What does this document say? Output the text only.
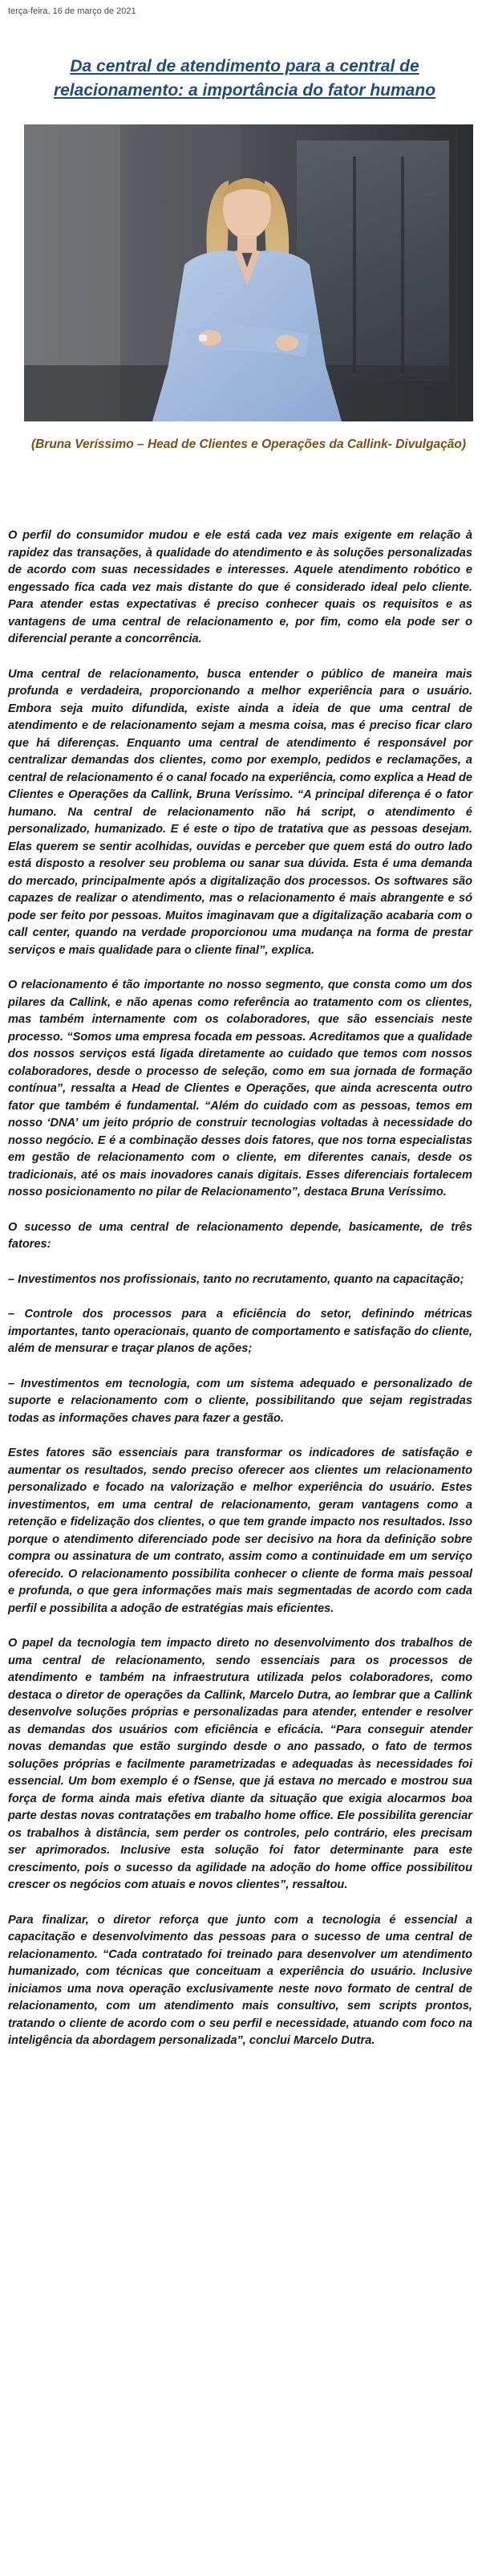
terça-feira, 16 de março de 2021
Da central de atendimento para a central de relacionamento: a importância do fator humano

(Bruna Veríssimo – Head de Clientes e Operações da Callink- Divulgação)

O perfil do consumidor mudou e ele está cada vez mais exigente em relação à rapidez das transações, à qualidade do atendimento e às soluções personalizadas de acordo com suas necessidades e interesses. Aquele atendimento robótico e engessado fica cada vez mais distante do que é considerado ideal pelo cliente. Para atender estas expectativas é preciso conhecer quais os requisitos e as vantagens de uma central de relacionamento e, por fim, como ela pode ser o diferencial perante a concorrência.

Uma central de relacionamento, busca entender o público de maneira mais profunda e verdadeira, proporcionando a melhor experiência para o usuário. Embora seja muito difundida, existe ainda a ideia de que uma central de atendimento e de relacionamento sejam a mesma coisa, mas é preciso ficar claro que há diferenças. Enquanto uma central de atendimento é responsável por centralizar demandas dos clientes, como por exemplo, pedidos e reclamações, a central de relacionamento é o canal focado na experiência, como explica a Head de Clientes e Operações da Callink, Bruna Veríssimo. “A principal diferença é o fator humano. Na central de relacionamento não há script, o atendimento é personalizado, humanizado. E é este o tipo de tratativa que as pessoas desejam. Elas querem se sentir acolhidas, ouvidas e perceber que quem está do outro lado está disposto a resolver seu problema ou sanar sua dúvida. Esta é uma demanda do mercado, principalmente após a digitalização dos processos. Os softwares são capazes de realizar o atendimento, mas o relacionamento é mais abrangente e só pode ser feito por pessoas. Muitos imaginavam que a digitalização acabaria com o call center, quando na verdade proporcionou uma mudança na forma de prestar serviços e mais qualidade para o cliente final”, explica.

O relacionamento é tão importante no nosso segmento, que consta como um dos pilares da Callink, e não apenas como referência ao tratamento com os clientes, mas também internamente com os colaboradores, que são essenciais neste processo. “Somos uma empresa focada em pessoas. Acreditamos que a qualidade dos nossos serviços está ligada diretamente ao cuidado que temos com nossos colaboradores, desde o processo de seleção, como em sua jornada de formação contínua”, ressalta a Head de Clientes e Operações, que ainda acrescenta outro fator que também é fundamental. “Além do cuidado com as pessoas, temos em nosso ‘DNA’ um jeito próprio de construir tecnologias voltadas à necessidade do nosso negócio. E é a combinação desses dois fatores, que nos torna especialistas em gestão de relacionamento com o cliente, em diferentes canais, desde os tradicionais, até os mais inovadores canais digitais. Esses diferenciais fortalecem nosso posicionamento no pilar de Relacionamento”, destaca Bruna Veríssimo.

O sucesso de uma central de relacionamento depende, basicamente, de três fatores:

– Investimentos nos profissionais, tanto no recrutamento, quanto na capacitação;

– Controle dos processos para a eficiência do setor, definindo métricas importantes, tanto operacionais, quanto de comportamento e satisfação do cliente, além de mensurar e traçar planos de ações;

– Investimentos em tecnologia, com um sistema adequado e personalizado de suporte e relacionamento com o cliente, possibilitando que sejam registradas todas as informações chaves para fazer a gestão.

Estes fatores são essenciais para transformar os indicadores de satisfação e aumentar os resultados, sendo preciso oferecer aos clientes um relacionamento personalizado e focado na valorização e melhor experiência do usuário. Estes investimentos, em uma central de relacionamento, geram vantagens como a retenção e fidelização dos clientes, o que tem grande impacto nos resultados. Isso porque o atendimento diferenciado pode ser decisivo na hora da definição sobre compra ou assinatura de um contrato, assim como a continuidade em um serviço oferecido. O relacionamento possibilita conhecer o cliente de forma mais pessoal e profunda, o que gera informações mais mais segmentadas de acordo com cada perfil e possibilita a adoção de estratégias mais eficientes.

O papel da tecnologia tem impacto direto no desenvolvimento dos trabalhos de uma central de relacionamento, sendo essenciais para os processos de atendimento e também na infraestrutura utilizada pelos colaboradores, como destaca o diretor de operações da Callink, Marcelo Dutra, ao lembrar que a Callink desenvolve soluções próprias e personalizadas para atender, entender e resolver as demandas dos usuários com eficiência e eficácia. “Para conseguir atender novas demandas que estão surgindo desde o ano passado, o fato de termos soluções próprias e facilmente parametrizadas e adequadas às necessidades foi essencial. Um bom exemplo é o fSense, que já estava no mercado e mostrou sua força de forma ainda mais efetiva diante da situação que exigia alocarmos boa parte destas novas contratações em trabalho home office. Ele possibilita gerenciar os trabalhos à distância, sem perder os controles, pelo contrário, eles precisam ser aprimorados. Inclusive esta solução foi fator determinante para este crescimento, pois o sucesso da agilidade na adoção do home office possibilitou crescer os negócios com atuais e novos clientes”, ressaltou.

Para finalizar, o diretor reforça que junto com a tecnologia é essencial a capacitação e desenvolvimento das pessoas para o sucesso de uma central de relacionamento. “Cada contratado foi treinado para desenvolver um atendimento humanizado, com técnicas que conceituam a experiência do usuário. Inclusive iniciamos uma nova operação exclusivamente neste novo formato de central de relacionamento, com um atendimento mais consultivo, sem scripts prontos, tratando o cliente de acordo com o seu perfil e necessidade, atuando com foco na inteligência da abordagem personalizada”, conclui Marcelo Dutra.
